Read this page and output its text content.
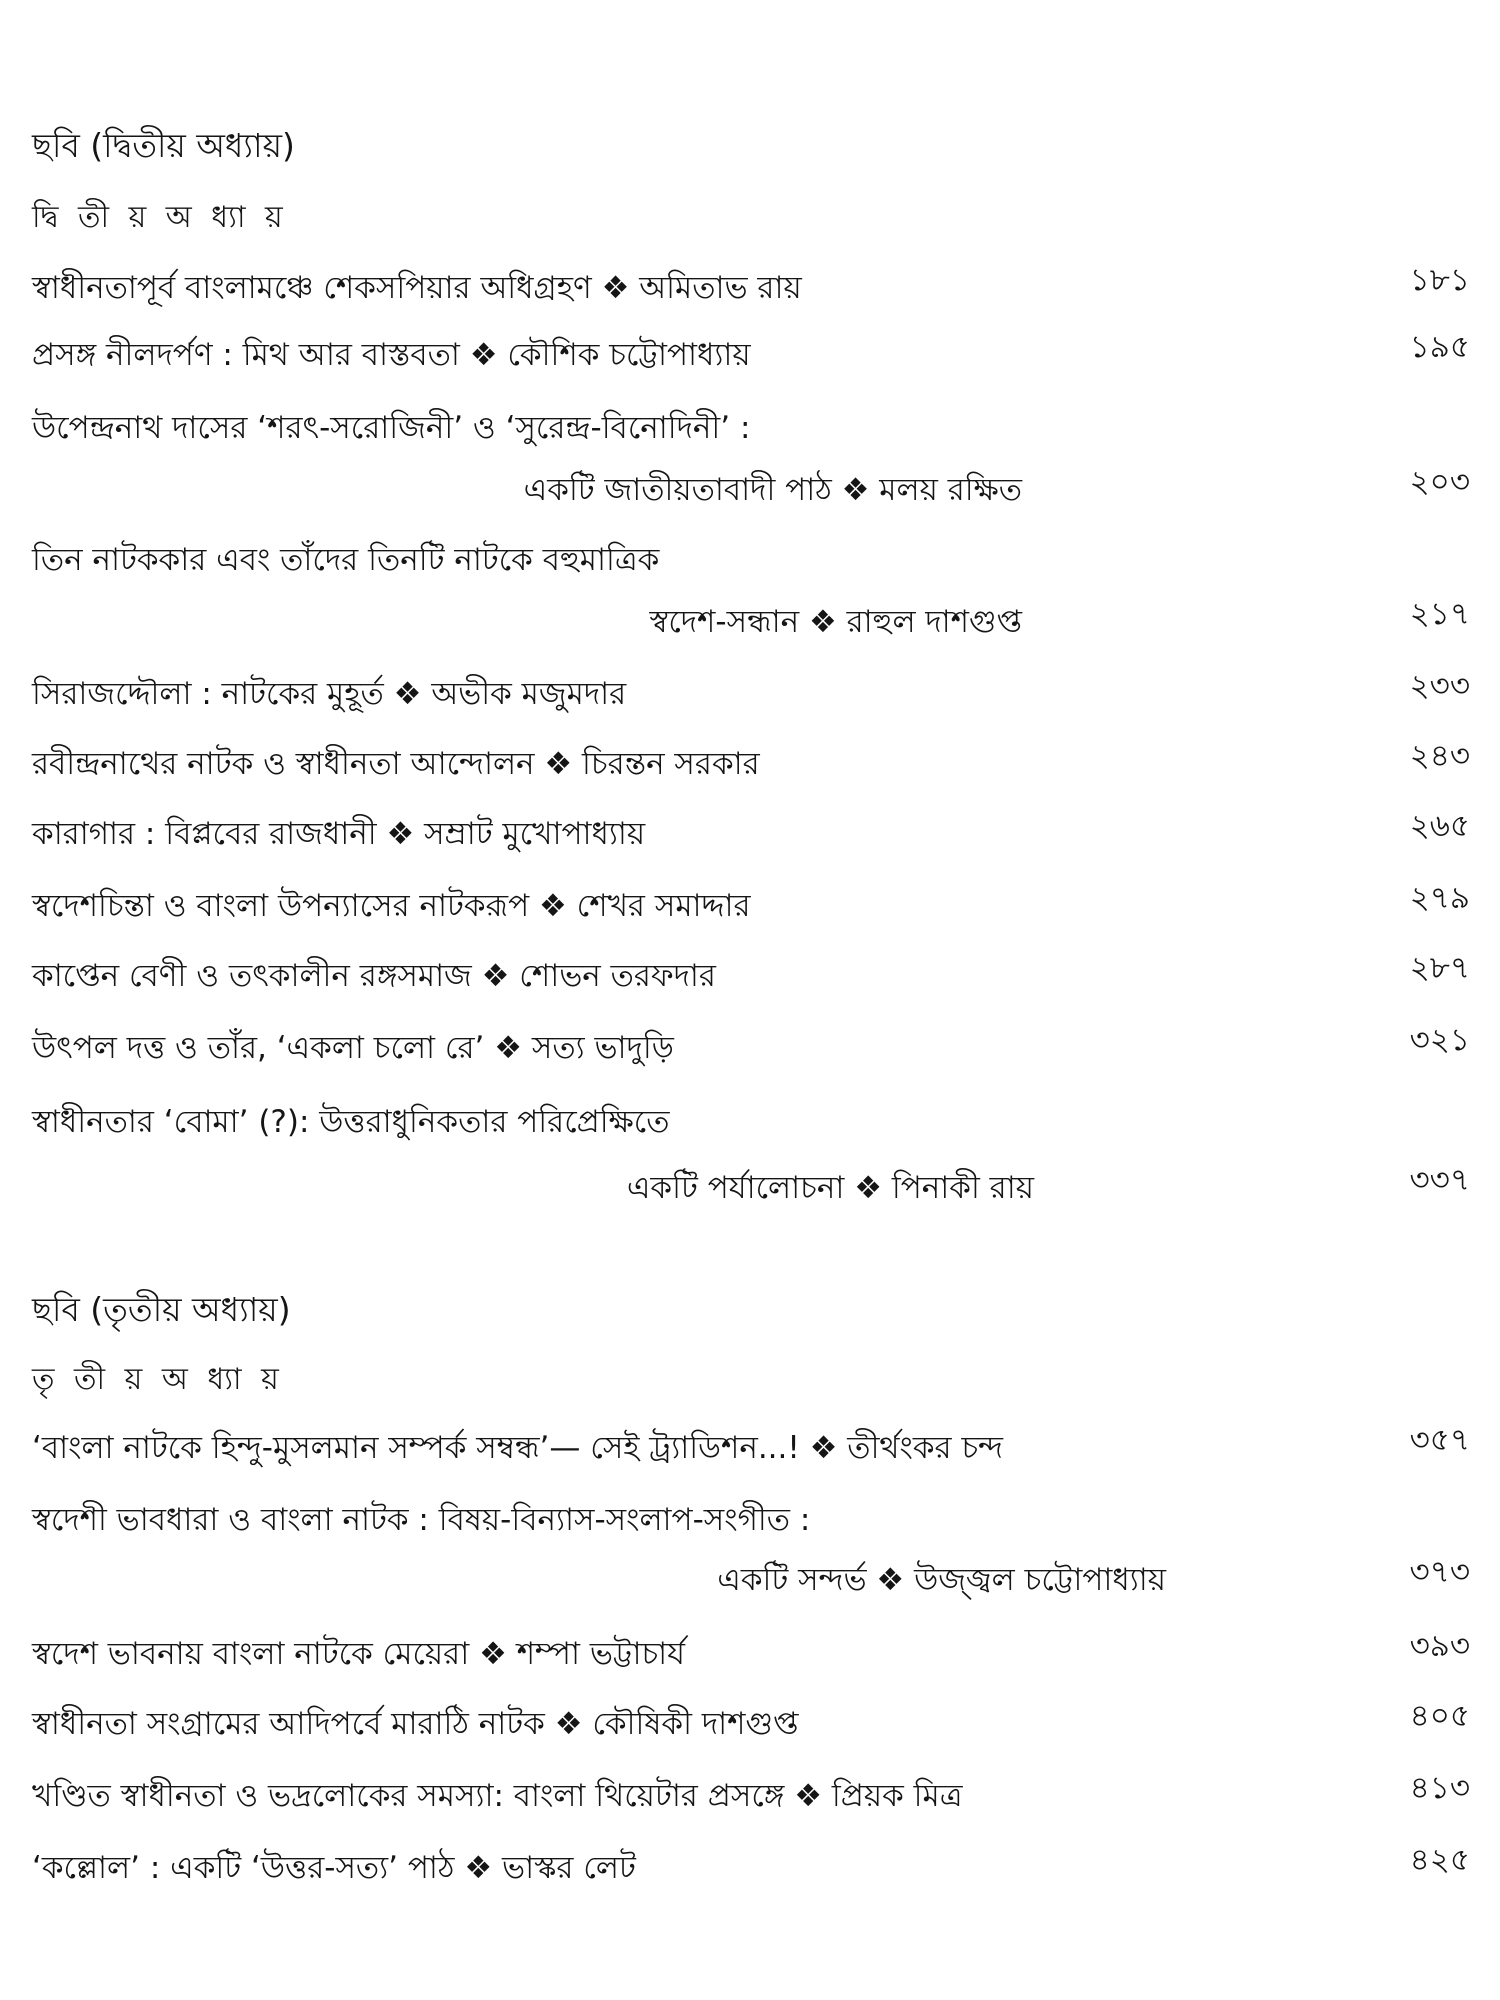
ছবি (দ্বিতীয় অধ্যায়)
দ্বি তী য় অ ধ্যা য়
স্বাধীনতাপূর্ব বাংলামঞ্চে শেকসপিয়ার অধিগ্রহণ ❖ অমিতাভ রায়	১৮১
প্রসঙ্গ নীলদর্পণ : মিথ আর বাস্তবতা ❖ কৌশিক চট্টোপাধ্যায়	১৯৫
উপেন্দ্রনাথ দাসের ‘শরৎ-সরোজিনী’ ও ‘সুরেন্দ্র-বিনোদিনী’ :
একটি জাতীয়তাবাদী পাঠ ❖ মলয় রক্ষিত	২০৩
তিন নাটককার এবং তাঁদের তিনটি নাটকে বহুমাত্রিক
স্বদেশ-সন্ধান ❖ রাহুল দাশগুপ্ত	২১৭
সিরাজদ্দৌলা : নাটকের মুহূর্ত ❖ অভীক মজুমদার	২৩৩
রবীন্দ্রনাথের নাটক ও স্বাধীনতা আন্দোলন ❖ চিরন্তন সরকার	২৪৩
কারাগার : বিপ্লবের রাজধানী ❖ সম্রাট মুখোপাধ্যায়	২৬৫
স্বদেশচিন্তা ও বাংলা উপন্যাসের নাটকরূপ ❖ শেখর সমাদ্দার	২৭৯
কাপ্তেন বেণী ও তৎকালীন রঙ্গসমাজ ❖ শোভন তরফদার	২৮৭
উৎপল দত্ত ও তাঁর, ‘একলা চলো রে’ ❖ সত্য ভাদুড়ি	৩২১
স্বাধীনতার ‘বোমা’ (?): উত্তরাধুনিকতার পরিপ্রেক্ষিতে
একটি পর্যালোচনা ❖ পিনাকী রায়	৩৩৭
ছবি (তৃতীয় অধ্যায়)
তৃ তী য় অ ধ্যা য়
‘বাংলা নাটকে হিন্দু-মুসলমান সম্পর্ক সম্বন্ধ’— সেই ট্র্যাডিশন...! ❖ তীর্থংকর চন্দ	৩৫৭
স্বদেশী ভাবধারা ও বাংলা নাটক : বিষয়-বিন্যাস-সংলাপ-সংগীত :
একটি সন্দর্ভ ❖ উজ্জ্বল চট্টোপাধ্যায়	৩৭৩
স্বদেশ ভাবনায় বাংলা নাটকে মেয়েরা ❖ শম্পা ভট্টাচার্য	৩৯৩
স্বাধীনতা সংগ্রামের আদিপর্বে মারাঠি নাটক ❖ কৌষিকী দাশগুপ্ত	৪০৫
খণ্ডিত স্বাধীনতা ও ভদ্রলোকের সমস্যা: বাংলা থিয়েটার প্রসঙ্গে ❖ প্রিয়ক মিত্র	৪১৩
‘কল্লোল’ : একটি ‘উত্তর-সত্য’ পাঠ ❖ ভাস্কর লেট	৪২৫
